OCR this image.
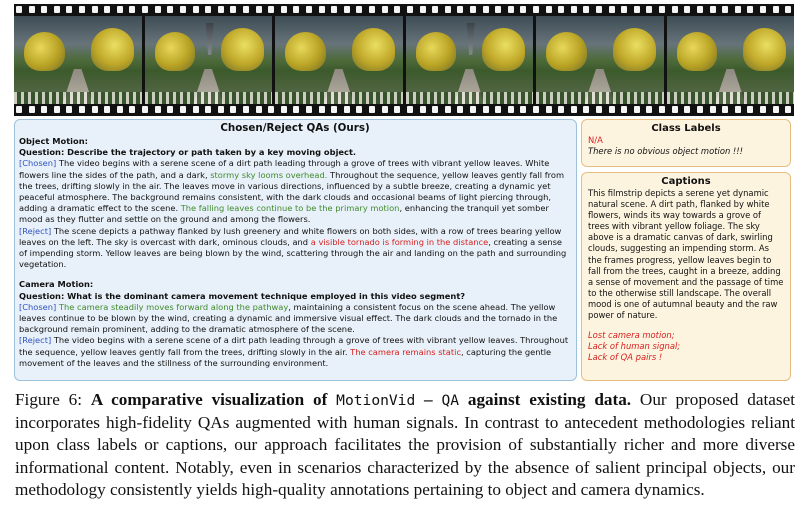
Chosen/Reject QAs (Ours)
Object Motion:
Question: Describe the trajectory or path taken by a key moving object.
[Chosen] The video begins with a serene scene of a dirt path leading through a grove of trees with vibrant yellow leaves. White flowers line the sides of the path, and a dark, stormy sky looms overhead. Throughout the sequence, yellow leaves gently fall from the trees, drifting slowly in the air. The leaves move in various directions, influenced by a subtle breeze, creating a dynamic yet peaceful atmosphere. The background remains consistent, with the dark clouds and occasional beams of light piercing through, adding a dramatic effect to the scene. The falling leaves continue to be the primary motion, enhancing the tranquil yet somber mood as they flutter and settle on the ground and among the flowers.
[Reject] The scene depicts a pathway flanked by lush greenery and white flowers on both sides, with a row of trees bearing yellow leaves on the left. The sky is overcast with dark, ominous clouds, and a visible tornado is forming in the distance, creating a sense of impending storm. Yellow leaves are being blown by the wind, scattering through the air and landing on the path and surrounding vegetation.
Camera Motion:
Question: What is the dominant camera movement technique employed in this video segment?
[Chosen] The camera steadily moves forward along the pathway, maintaining a consistent focus on the scene ahead. The yellow leaves continue to be blown by the wind, creating a dynamic and immersive visual effect. The dark clouds and the tornado in the background remain prominent, adding to the dramatic atmosphere of the scene.
[Reject] The video begins with a serene scene of a dirt path leading through a grove of trees with vibrant yellow leaves. Throughout the sequence, yellow leaves gently fall from the trees, drifting slowly in the air. The camera remains static, capturing the gentle movement of the leaves and the stillness of the surrounding environment.
Class Labels
N/A
There is no obvious object motion !!!
Captions
This filmstrip depicts a serene yet dynamic natural scene. A dirt path, flanked by white flowers, winds its way towards a grove of trees with vibrant yellow foliage. The sky above is a dramatic canvas of dark, swirling clouds, suggesting an impending storm. As the frames progress, yellow leaves begin to fall from the trees, caught in a breeze, adding a sense of movement and the passage of time to the otherwise still landscape. The overall mood is one of autumnal beauty and the raw power of nature.
Lost camera motion;
Lack of human signal;
Lack of QA pairs !
Figure 6: A comparative visualization of MotionVid – QA against existing data. Our proposed dataset incorporates high-fidelity QAs augmented with human signals. In contrast to antecedent methodologies reliant upon class labels or captions, our approach facilitates the provision of substantially richer and more diverse informational content. Notably, even in scenarios characterized by the absence of salient principal objects, our methodology consistently yields high-quality annotations pertaining to object and camera dynamics.
